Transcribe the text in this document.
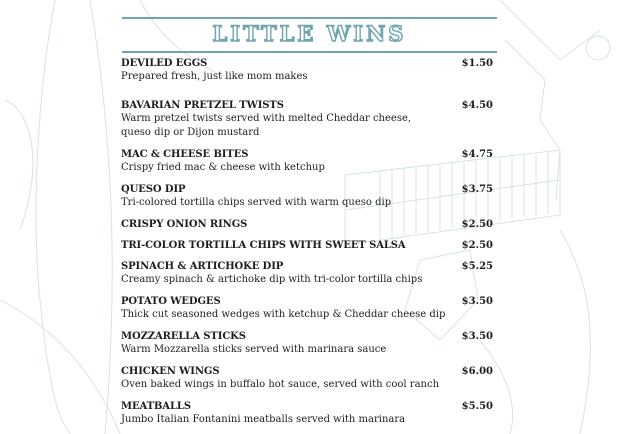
LITTLE WINS
DEVILED EGGS
Prepared fresh, just like mom makes
$1.50
BAVARIAN PRETZEL TWISTS
Warm pretzel twists served with melted Cheddar cheese,
queso dip or Dijon mustard
$4.50
MAC & CHEESE BITES
Crispy fried mac & cheese with ketchup
$4.75
QUESO DIP
Tri-colored tortilla chips served with warm queso dip
$3.75
CRISPY ONION RINGS	$2.50
TRI-COLOR TORTILLA CHIPS WITH SWEET SALSA	$2.50
SPINACH & ARTICHOKE DIP
Creamy spinach & artichoke dip with tri-color tortilla chips
$5.25
POTATO WEDGES
Thick cut seasoned wedges with ketchup & Cheddar cheese dip
$3.50
MOZZARELLA STICKS
Warm Mozzarella sticks served with marinara sauce
$3.50
CHICKEN WINGS
Oven baked wings in buffalo hot sauce, served with cool ranch
$6.00
MEATBALLS
Jumbo Italian Fontanini meatballs served with marinara
$5.50
